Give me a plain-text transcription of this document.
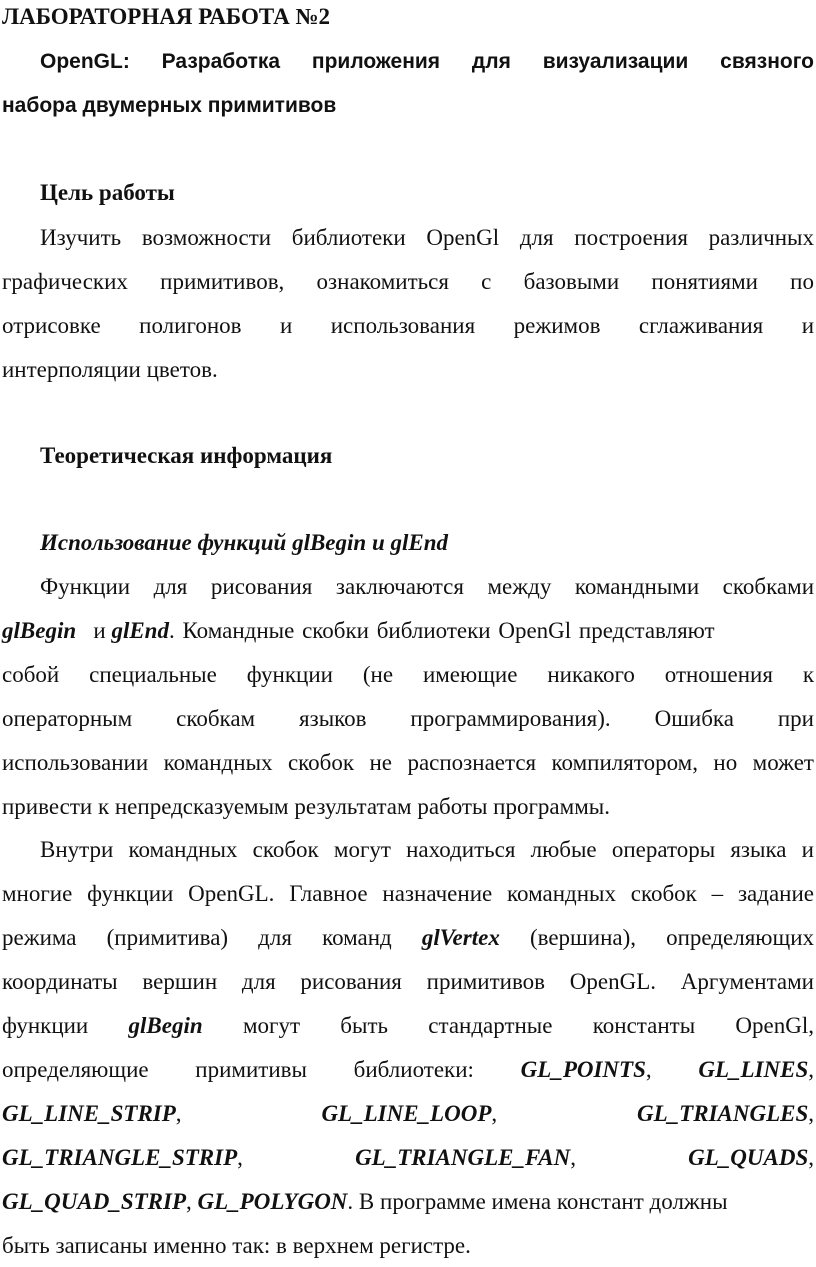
ЛАБОРАТОРНАЯ РАБОТА №2
OpenGL: Разработка приложения для визуализации связного
набора двумерных примитивов
Цель работы
Изучить возможности библиотеки OpenGl для построения различных
графических примитивов, ознакомиться с базовыми понятиями по
отрисовке полигонов и использования режимов сглаживания и
интерполяции цветов.
Теоретическая информация
Использование функций glBegin и glEnd
Функции для рисования заключаются между командными скобками
glBegin и glEnd. Командные скобки библиотеки OpenGl представляют
собой специальные функции (не имеющие никакого отношения к
операторным скобкам языков программирования). Ошибка при
использовании командных скобок не распознается компилятором, но может
привести к непредсказуемым результатам работы программы.
Внутри командных скобок могут находиться любые операторы языка и
многие функции OpenGL. Главное назначение командных скобок – задание
режима (примитива) для команд glVertex (вершина), определяющих
координаты вершин для рисования примитивов OpenGL. Аргументами
функции glBegin могут быть стандартные константы OpenGl,
определяющие примитивы библиотеки: GL_POINTS, GL_LINES,
GL_LINE_STRIP,	GL_LINE_LOOP,	GL_TRIANGLES,
GL_TRIANGLE_STRIP,	GL_TRIANGLE_FAN,	GL_QUADS,
GL_QUAD_STRIP, GL_POLYGON. В программе имена констант должны
быть записаны именно так: в верхнем регистре.
